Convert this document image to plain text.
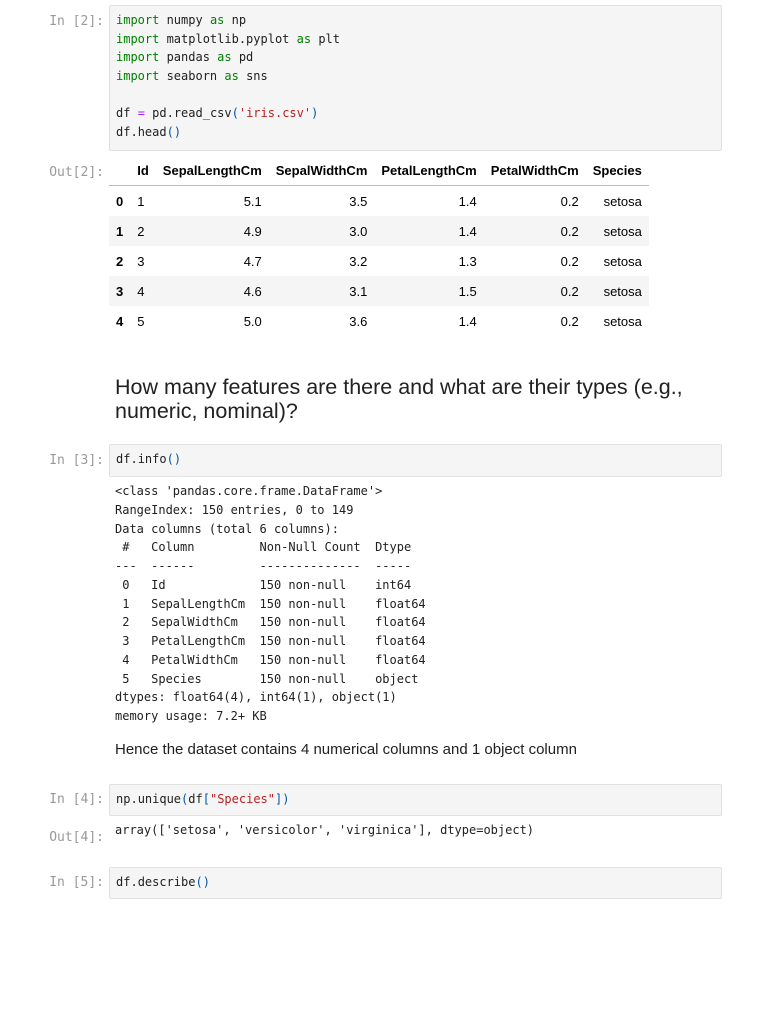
In [2]:	import numpy as np
import matplotlib.pyplot as plt
import pandas as pd
import seaborn as sns

df = pd.read_csv('iris.csv')
df.head()
Out[2]:
		Id	SepalLengthCm	SepalWidthCm	PetalLengthCm	PetalWidthCm	Species
0	1	5.1	3.5	1.4	0.2	setosa
1	2	4.9	3.0	1.4	0.2	setosa
2	3	4.7	3.2	1.3	0.2	setosa
3	4	4.6	3.1	1.5	0.2	setosa
4	5	5.0	3.6	1.4	0.2	setosa
How many features are there and what are their types (e.g., numeric, nominal)?
In [3]:	df.info()
<class 'pandas.core.frame.DataFrame'>
RangeIndex: 150 entries, 0 to 149
Data columns (total 6 columns):
#   Column         Non-Null Count  Dtype
---  ------         --------------  -----
0   Id             150 non-null    int64
1   SepalLengthCm  150 non-null    float64
2   SepalWidthCm   150 non-null    float64
3   PetalLengthCm  150 non-null    float64
4   PetalWidthCm   150 non-null    float64
5   Species        150 non-null    object
dtypes: float64(4), int64(1), object(1)
memory usage: 7.2+ KB
Hence the dataset contains 4 numerical columns and 1 object column
In [4]:	np.unique(df["Species"])
Out[4]: array(['setosa', 'versicolor', 'virginica'], dtype=object)
In [5]:	df.describe()
